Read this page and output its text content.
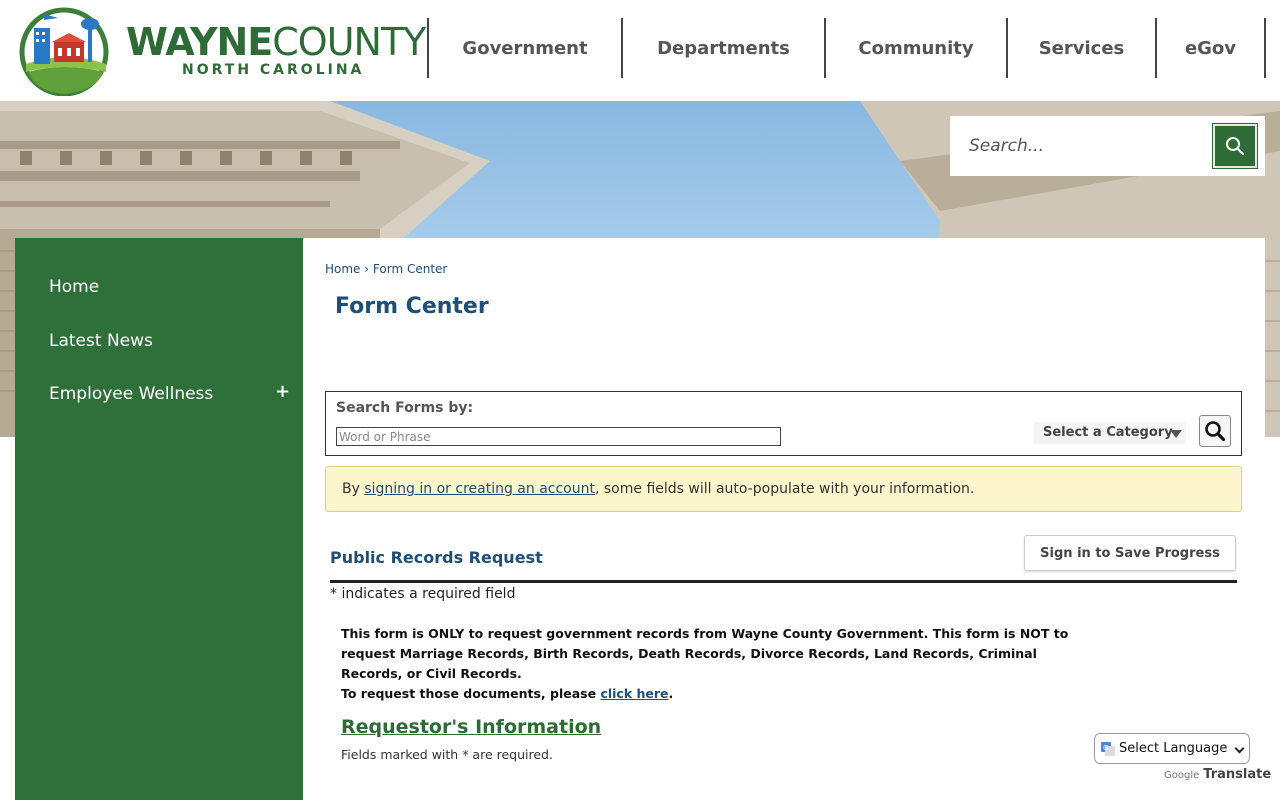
WAYNECOUNTY
NORTH CAROLINA
Government	Departments	Community	Services	eGov
Search...
Home
Latest News
Employee Wellness	+
Home › Form Center
Form Center
Search Forms by:
Word or Phrase
Select a Category
By signing in or creating an account, some fields will auto-populate with your information.
Public Records Request	Sign in to Save Progress
* indicates a required field
This form is ONLY to request government records from Wayne County Government. This form is NOT to request Marriage Records, Birth Records, Death Records, Divorce Records, Land Records, Criminal Records, or Civil Records.
To request those documents, please click here.
Requestor's Information
Fields marked with * are required.	G Select Language
Google Translate
